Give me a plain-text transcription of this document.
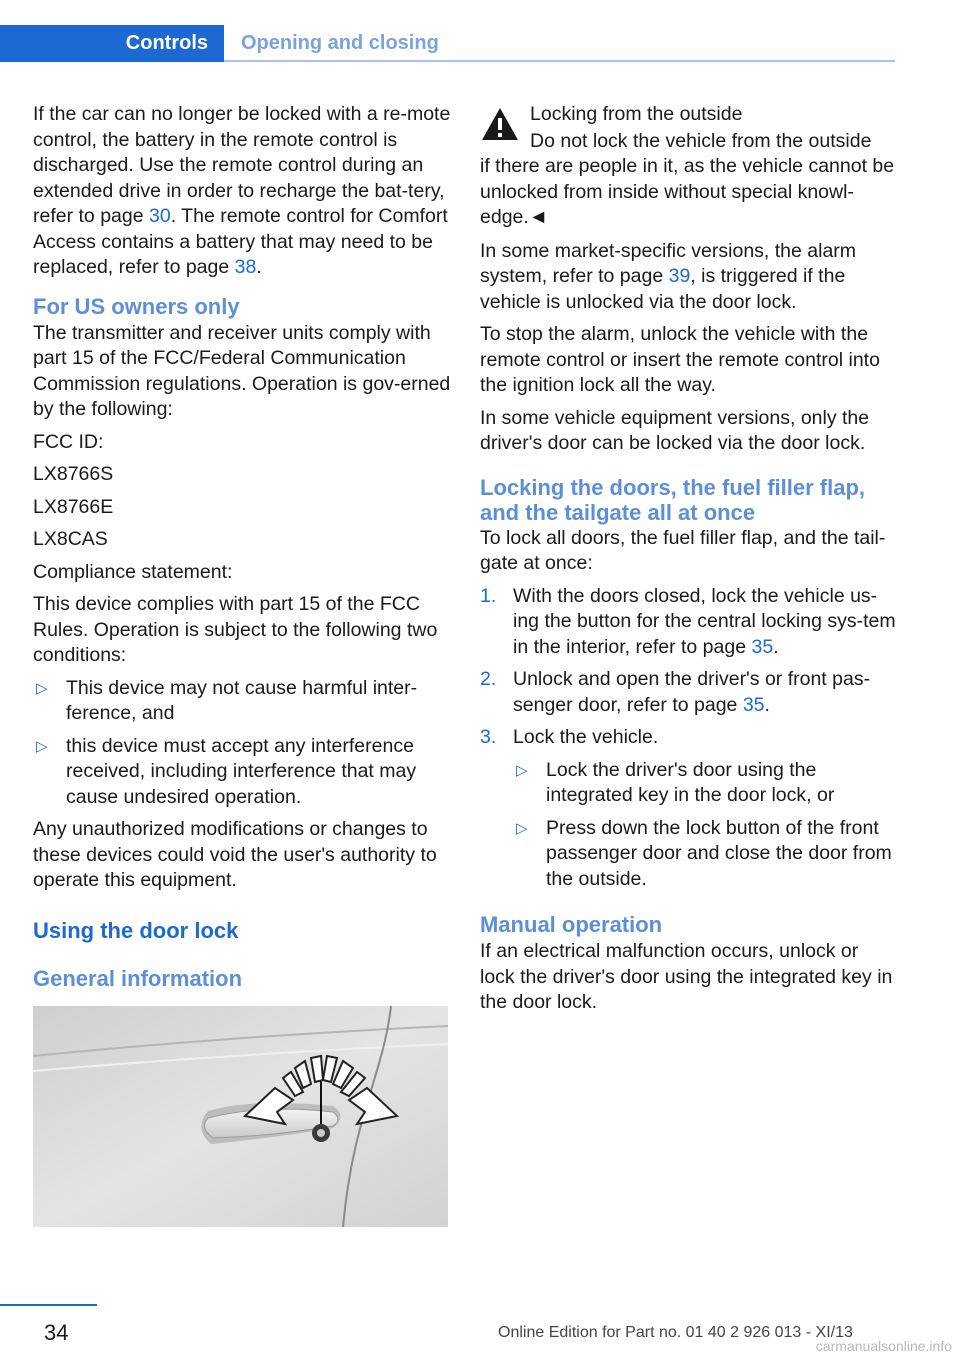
Controls	Opening and closing

If the car can no longer be locked with a re-mote control, the battery in the remote control is discharged. Use the remote control during an extended drive in order to recharge the bat-tery, refer to page 30. The remote control for Comfort Access contains a battery that may need to be replaced, refer to page 38.

For US owners only

The transmitter and receiver units comply with part 15 of the FCC/Federal Communication Commission regulations. Operation is gov-erned by the following:

FCC ID:

LX8766S

LX8766E

LX8CAS

Compliance statement:

This device complies with part 15 of the FCC Rules. Operation is subject to the following two conditions:

▷ This device may not cause harmful inter-ference, and
▷ this device must accept any interference received, including interference that may cause undesired operation.

Any unauthorized modifications or changes to these devices could void the user's authority to operate this equipment.

Using the door lock
General information

Locking from the outside

Do not lock the vehicle from the outside

if there are people in it, as the vehicle cannot be unlocked from inside without special knowl-edge.◄

In some market-specific versions, the alarm system, refer to page 39, is triggered if the vehicle is unlocked via the door lock.

To stop the alarm, unlock the vehicle with the remote control or insert the remote control into the ignition lock all the way.

In some vehicle equipment versions, only the driver's door can be locked via the door lock.

Locking the doors, the fuel filler flap, and the tailgate all at once

To lock all doors, the fuel filler flap, and the tail-gate at once:

1. With the doors closed, lock the vehicle us-ing the button for the central locking sys-tem in the interior, refer to page 35.
2. Unlock and open the driver's or front pas-senger door, refer to page 35.
3. Lock the vehicle.
▷ Lock the driver's door using the integrated key in the door lock, or
▷ Press down the lock button of the front passenger door and close the door from the outside.
Manual operation

If an electrical malfunction occurs, unlock or lock the driver's door using the integrated key in the door lock.

34	Online Edition for Part no. 01 40 2 926 013 - XI/13
carmanualsonline.info
